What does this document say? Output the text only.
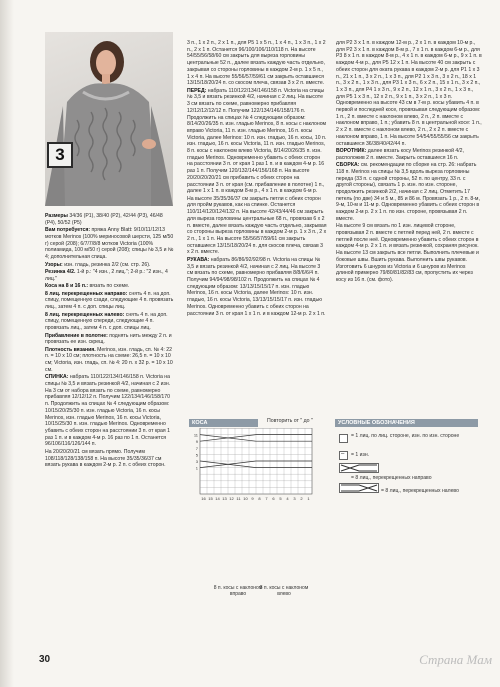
3

Размеры 34/36 (P1), 38/40 (P2), 42/44 (P3), 46/48 (P4), 50/52 (P5)

Вам потребуется: пряжа Anny Blatt: 9/10/11/12/13 мотков Merinos (100% мериносовой шерсти, 125 м/50 г) серой (208); 6/7/7/8/8 мотков Victoria (100% полиамида, 100 м/50 г) серой (208); спицы № 3,5 и № 4; дополнительная спица.

Узоры: изн. гладь, резинка 2/2 (см. стр. 26).

Резинка 4/2. 1-й р.: "4 изн., 2 лиц."; 2-й р.: "2 изн., 4 лиц."

Коса на 8 и 16 п.: вязать по схеме.

8 лиц. перекрещенных направо: снять 4 п. на доп. спицу, помещенную сзади, следующие 4 п. провязать лиц., затем 4 п. с доп. спицы лиц.

8 лиц. перекрещенных налево: снять 4 п. на доп. спицу, помещенную спереди, следующие 4 п. провязать лиц., затем 4 п. с доп. спицы лиц.

Прибавление в полотне: поднять нить между 2 п. и провязать ее изн. скрещ.

Плотность вязания. Merinos, изн. гладь, сп. № 4: 22 п. = 10 х 10 см; плотность на схеме: 26,5 п. = 10 х 10 см; Victoria, изн. гладь, сп. № 4: 20 п. х 32 р. = 10 х 10 см.

СПИНКА: набрать 110/122/134/146/158 п. Victoria на спицы № 3,5 и вязать резинкой 4/2, начиная с 2 изн. На 3 см от набора вязать по схеме, равномерно прибавляя 12/12/12 п. Получим 122/134/146/158/170 п. Продолжить на спицах № 4 следующим образом: 10/15/20/25/30 п. изн. гладью Victoria, 16 п. косы Merinos, изн. гладью Merinos, 16 п. косы Victoria, 10/15/25/30 п. изн. гладью Merinos. Одновременно убавить с обеих сторон на расстоянии 3 п. от края 1 раз 1 п. и в каждом 4-м р. 16 раз по 1 п. Останется 96/106/116/126/144 п.

На 20/20/20/21 см вязать прямо. Получим 108/118/128/138/158 п. На высоте 35/35/36/37 см вязать рукава в каждом 2-м р. 2 п. с обеих сторон.

3 п., 1 х 2 п., 2 х 1 п., для P5 1 х 5 п., 1 х 4 п., 1 х 3 п., 1 х 2 п., 2 х 1 п. Останется 96/100/106/110/118 п. На высоте 54/55/56/58/60 см закрыть для выреза горловины центральные 52 п., далее вязать каждую часть отдельно, закрывая со стороны горловины в каждом 2-м р. 1 х 5 п., 1 х 4 п. На высоте 55/56/57/59/61 см закрыть оставшиеся 13/15/18/20/24 п. со скосом плеча, связав 3 х 2 п. вместе.

ПЕРЕД: набрать 110/122/134/146/158 п. Victoria на спицы № 3,5 и вязать резинкой 4/2, начиная с 2 лиц. На высоте 3 см вязать по схеме, равномерно прибавляя 12/12/12/12/12 п. Получим 122/134/146/158/176 п. Продолжить на спицах № 4 следующим образом: 8/14/20/26/35 п. изн. гладью Merinos, 8 п. косы с наклоном вправо Victoria, 11 п. изн. гладью Merinos, 16 п. косы Victoria, далее Merinos: 10 п. изн. гладью, 16 п. косы, 10 п. изн. гладью, 16 п. косы Victoria, 11 п. изн. гладью Merinos, 8 п. косы с наклоном влево Victoria, 8/14/20/26/35 п. изн. гладью Merinos. Одновременно убавить с обеих сторон на расстоянии 3 п. от края 1 раз 1 п. и в каждом 4-м р. 16 раз 1 п. Получим 120/132/144/156/168 п. На высоте 20/20/20/20/21 см прибавить с обеих сторон на расстоянии 3 п. от края (см. прибавление в полотне) 1 п., далее 1 х 1 п. в каждом 8-м р., 4 х 1 п. в каждом 6-м р.

На высоте 35/35/36/37 см закрыть петли с обеих сторон для пройм рукавов, как на спинке. Останется 110/114/120/124/132 п. На высоте 42/43/44/46 см закрыть для выреза горловины центральные 68 п., провязав 6 х 2 п. вместе, далее вязать каждую часть отдельно, закрывая со стороны выреза горловины в каждом 2-м р. 1 х 3 п., 2 х 2 п., 1 х 1 п. На высоте 55/56/57/59/61 см закрыть оставшиеся 13/15/18/20/24 п. для скосов плеча, связав 3 х 2 п. вместе.

РУКАВА: набрать 86/86/92/92/98 п. Victoria на спицы № 3,5 и вязать резинкой 4/2, начиная с 2 лиц. На высоте 3 см вязать по схеме, равномерно прибавляя 8/8/6/6/4 п. Получим 94/94/98/98/102 п. Продолжить на спицах № 4 следующим образом: 13/13/15/15/17 п. изн. гладью Merinos, 16 п. косы Victoria, далее Merinos: 10 п. изн. гладью, 16 п. косы Victoria, 13/13/15/15/17 п. изн. гладью Merinos. Одновременно убавить с обеих сторон на расстоянии 3 п. от края 1 х 1 п. и в каждом 12-м р. 2 х 1 п.

для P2 3 х 1 п. в каждом 12-м р., 2 х 1 п. в каждом 10-м р., для P2 3 х 1 п. в каждом 8-м р., 7 х 1 п. в каждом 6-м р., для P3 8 х 1 п. в каждом 8-м р., 4 х 1 п. в каждом 6-м р., 9 х 1 п. в каждом 4-м р., для P5 12 х 1 п. На высоте 40 см закрыть с обеих сторон для оката рукава в каждом 2-м р. для P1 1 х 3 п., 21 х 1 п., 3 х 2 п., 1 х 3 п., для P2 1 х 3 п., 3 х 2 п., 18 х 1 п., 3 х 2 п., 1 х 3 п., для P3 1 х 3 п., 6 х 2 п., 15 х 1 п., 3 х 2 п., 1 х 3 п., для P4 1 х 3 п., 9 х 2 п., 12 х 1 п., 3 х 2 п., 1 х 3 п., для P5 1 х 3 п., 12 х 2 п., 9 х 1 п., 3 х 2 п., 1 х 3 п. Одновременно на высоте 43 см в 7-м р. косы убавить 4 п. в первой и последней косе, провязывая следующим образом: 1 п., 2 п. вместе с наклоном влево, 2 п., 2 п. вместе с наклоном вправо, 1 п.; убавить 8 п. в центральной косе: 1 п., 2 х 2 п. вместе с наклоном влево, 2 п., 2 х 2 п. вместе с наклоном вправо, 1 п. На высоте 54/54/55/55/56 см закрыть оставшиеся 36/38/40/42/44 п.

ВОРОТНИК: далее вязать косу Merinos резинкой 4/2, расположив 2 п. вместе. Закрыть оставшиеся 16 п.

СБОРКА: см. рекомендации по сборке на стр. 26: набрать 118 п. Merinos на спицы № 3,5 вдоль выреза горловины переда (33 п. с одной стороны, 52 п. по центру, 33 п. с другой стороны), связать 1 р. изн. по изн. стороне, продолжить резинкой 2/2, начиная с 2 лиц. Отметить 17 петель (по две) 34 и 5 м., 85 и 86 м. Провязать 1 р., 2 п. 8-м, 9-м, 10-м и 11-м р. Одновременно убавить с обеих сторон в каждом 2-м р. 2 х 1 п. по изн. стороне, провязывая 2 п. вместе.

На высоте 9 см вязать по 1 изн. лицевой стороне, провязывая 2 п. вместе с петлей перед ней, 2 п. вместе с петлей после неё. Одновременно убавить с обеих сторон в каждом 4-м р. 2 х 1 п. и вязать резинкой, сохраняя рисунок. На высоте 13 см закрыть все петли. Выполнить плечевые и боковые швы. Вшить рукава. Выполнить швы рукавов. Изготовить 6 шнуров из Victoria и 6 шнуров из Merinos длиной примерно 79/80/81/82/83 см, пропустить их через косу из 16 п. (см. фото).

КОСА	Повторить от " до "
16 15 14 13 12 11 10 9 8 7 6 5 4 3 2 1
11
9
7
5
3
1
8 п. косы с наклоном вправо
8 п. косы с наклоном влево
УСЛОВНЫЕ ОБОЗНАЧЕНИЯ
= 1 лиц. по лиц. стороне, изн. по изн. стороне
– = 1 изн.
= 8 лиц., перекрещенных направо
= 8 лиц., перекрещенных налево
30	Страна Мам
